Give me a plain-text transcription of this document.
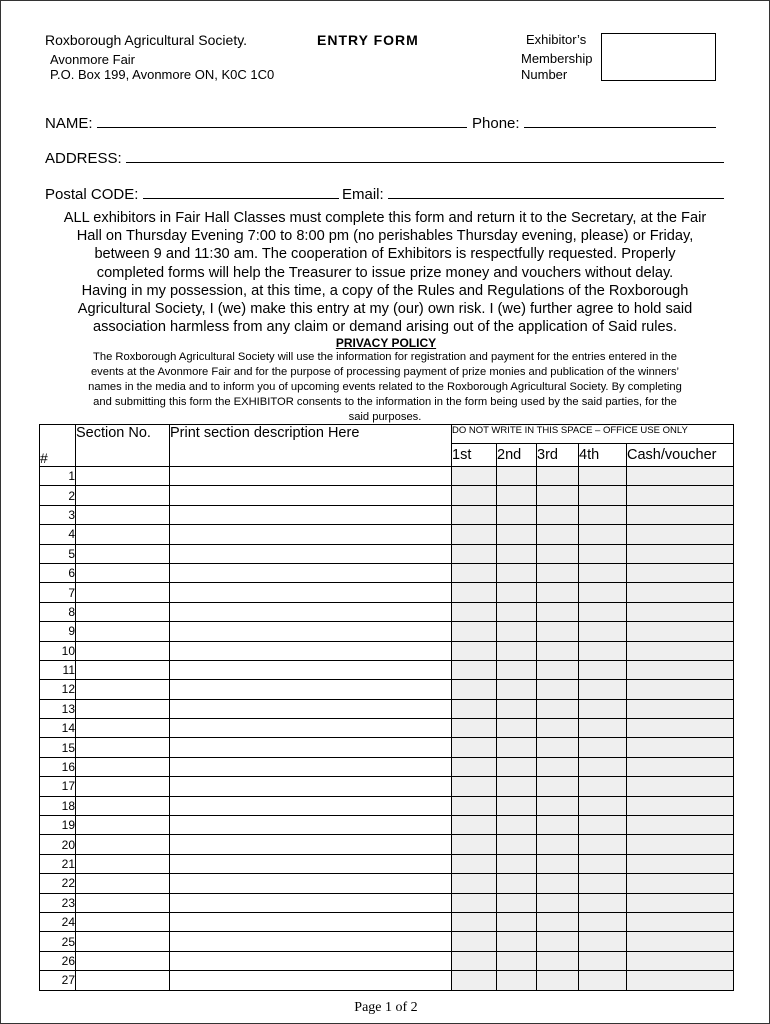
Roxborough Agricultural Society.	ENTRY FORM
Avonmore Fair
P.O. Box 199, Avonmore ON, K0C 1C0
Exhibitor’s
Membership
Number
NAME:	Phone:
ADDRESS:
Postal CODE:	Email:
ALL exhibitors in Fair Hall Classes must complete this form and return it to the Secretary, at the Fair
Hall on Thursday Evening 7:00 to 8:00 pm (no perishables Thursday evening, please) or Friday,
between 9 and 11:30 am. The cooperation of Exhibitors is respectfully requested. Properly
completed forms will help the Treasurer to issue prize money and vouchers without delay.
Having in my possession, at this time, a copy of the Rules and Regulations of the Roxborough
Agricultural Society, I (we) make this entry at my (our) own risk. I (we) further agree to hold said
association harmless from any claim or demand arising out of the application of Said rules.
PRIVACY POLICY
The Roxborough Agricultural Society will use the information for registration and payment for the entries entered in the
events at the Avonmore Fair and for the purpose of processing payment of prize monies and publication of the winners’
names in the media and to inform you of upcoming events related to the Roxborough Agricultural Society. By completing
and submitting this form the EXHIBITOR consents to the information in the form being used by the said parties, for the
said purposes.
#	Section No.	Print section description Here	DO NOT WRITE IN THIS SPACE – OFFICE USE ONLY				
			1st	2nd	3rd	4th	Cash/voucher
1							
2							
3							
4							
5							
6							
7							
8							
9							
10							
11							
12							
13							
14							
15							
16							
17							
18							
19							
20							
21							
22							
23							
24							
25							
26							
27							
Page 1 of 2
